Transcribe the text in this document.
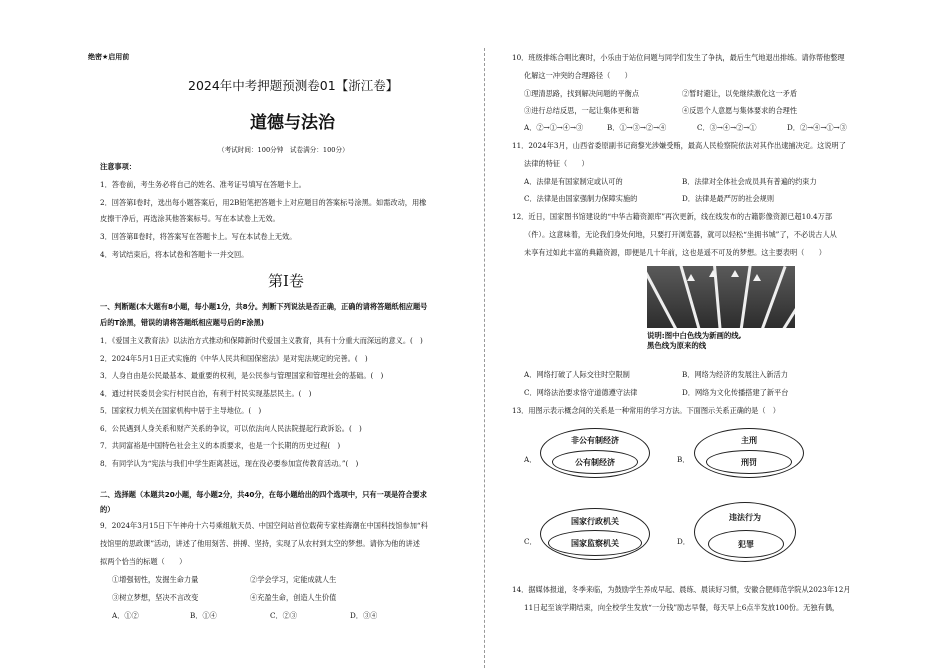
绝密★启用前
2024年中考押题预测卷01【浙江卷】
道德与法治
（考试时间：100分钟　试卷满分：100分）
注意事项：
1．答卷前，考生务必将自己的姓名、准考证号填写在答题卡上。
2．回答第Ⅰ卷时，选出每小题答案后，用2B铅笔把答题卡上对应题目的答案标号涂黑。如需改动，用橡
皮擦干净后，再选涂其他答案标号。写在本试卷上无效。
3．回答第Ⅱ卷时，将答案写在答题卡上。写在本试卷上无效。
4．考试结束后，将本试卷和答题卡一并交回。
第Ⅰ卷
一、判断题(本大题有8小题，每小题1分，共8分。判断下列说法是否正确，正确的请将答题纸相应题号
后的T涂黑，错误的请将答题纸相应题号后的F涂黑)
1．《爱国主义教育法》以法治方式推动和保障新时代爱国主义教育，具有十分重大而深远的意义。(　)
2．2024年5月1日正式实施的《中华人民共和国保密法》是对宪法规定的完善。(　)
3．人身自由是公民最基本、最重要的权利，是公民参与管理国家和管理社会的基础。(　)
4．通过村民委员会实行村民自治，有利于村民实现基层民主。(　)
5．国家权力机关在国家机构中居于主导地位。(　)
6．公民遇到人身关系和财产关系的争议，可以依法向人民法院提起行政诉讼。(　)
7．共同富裕是中国特色社会主义的本质要求，也是一个长期的历史过程(　)
8．有同学认为“宪法与我们中学生距离甚远，现在没必要参加宣传教育活动。”(　)
二、选择题（本题共20小题，每小题2分，共40分，在每小题给出的四个选项中，只有一项是符合要求
的）
9．2024年3月15日下午神舟十六号乘组航天员、中国空间站首位载荷专家桂海潮在中国科技馆参加“科
技馆里的思政课”活动，讲述了他用刻苦、拼搏、坚持，实现了从农村到太空的梦想。请你为他的讲述
拟两个恰当的标题（　　）
①增强韧性，发掘生命力量	②学会学习，定能成就人生
③树立梦想，坚决不言改变	④充盈生命，创造人生价值
A．①②	B．①④	C．②③	D．③④
10．班级排练合唱比赛时，小乐由于站位问题与同学们发生了争执，最后生气地退出排练。请你帮他整理
化解这一冲突的合理路径（　　）
①理清思路，找到解决问题的平衡点	②暂时避让，以免继续激化这一矛盾
③进行总结反思，一起让集体更和谐	④反思个人意愿与集体要求的合理性
A．②→①→④→③	B．①→③→②→④	C．③→④→②→①	D．②→④→①→③
11．2024年3月，山西省委原副书记商黎光涉嫌受贿，最高人民检察院依法对其作出逮捕决定。这说明了
法律的特征（　　）
A．法律是有国家制定或认可的	B．法律对全体社会成员具有普遍的约束力
C．法律是由国家强制力保障实施的	D．法律是最严厉的社会规则
12．近日，国家图书馆建设的“中华古籍资源库”再次更新，线在线发布的古籍影像资源已超10.4万部
（件）。这意味着，无论我们身处何地，只要打开浏览器，就可以轻松“坐拥书城”了，不必说古人从
未享有过如此丰富的典籍资源，即便是几十年前，这也是遥不可及的梦想。这主要表明（　　）
说明:图中白色线为新画的线,
黑色线为原来的线
A．网络打破了人际交往时空限制	B．网络为经济的发展注入新活力
C．网络法治要求恪守道德遵守法律	D．网络为文化传播搭建了新平台
13．用图示表示概念间的关系是一种常用的学习方法。下面图示关系正确的是（　）
A．
非公有制经济
公有制经济	B．
主刑
刑罚
C．
国家行政机关
国家监察机关	D．
违法行为
犯罪
14．据媒体报道，冬季来临，为鼓励学生养成早起、晨练、晨读好习惯，安徽合肥师范学院从2023年12月
11日起至该学期结束，向全校学生发放“一分钱”励志早餐，每天早上6点半发放100份。无独有偶，
